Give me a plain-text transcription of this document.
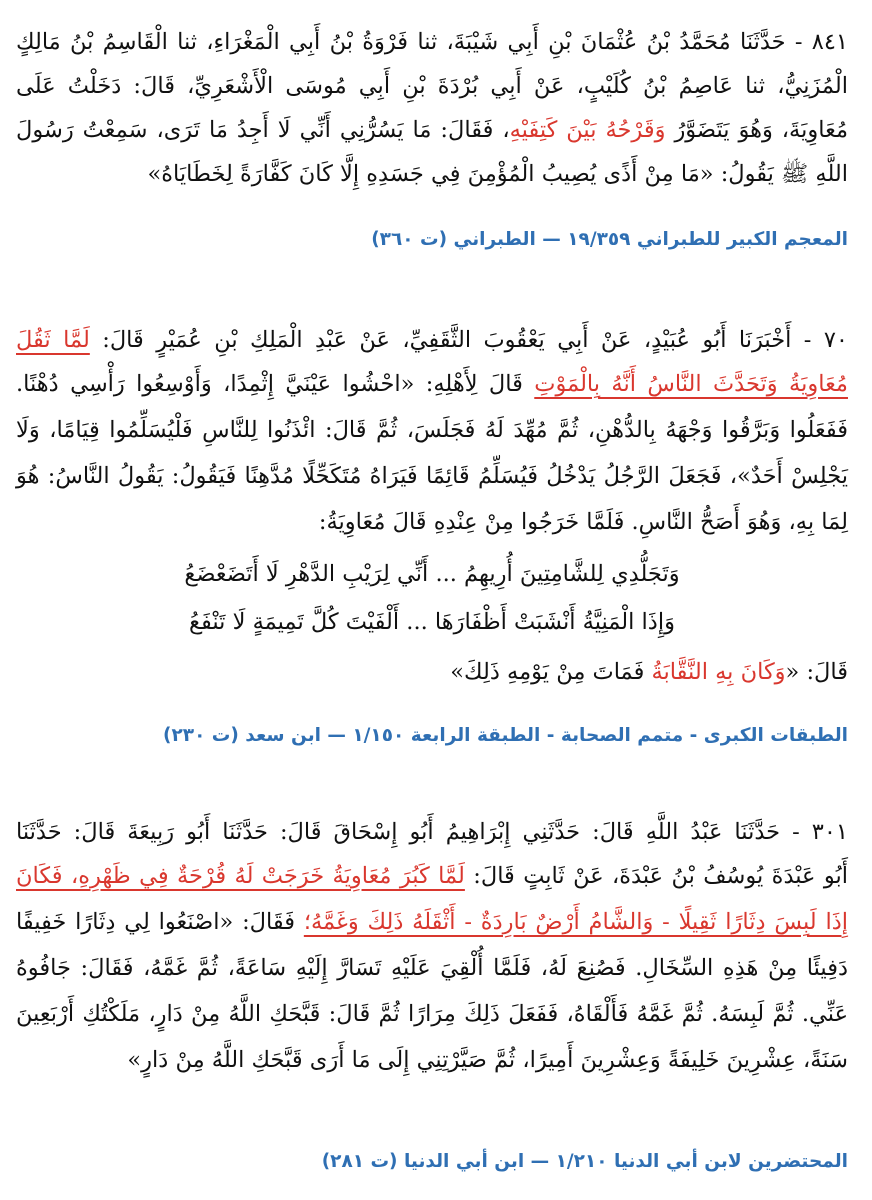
٨٤١ - حَدَّثَنَا مُحَمَّدُ بْنُ عُثْمَانَ بْنِ أَبِي شَيْبَةَ، ثنا فَرْوَةُ بْنُ أَبِي الْمَغْرَاءِ، ثنا الْقَاسِمُ بْنُ مَالِكٍ
الْمُزَنِيُّ، ثنا عَاصِمُ بْنُ كُلَيْبٍ، عَنْ أَبِي بُرْدَةَ بْنِ أَبِي مُوسَى الْأَشْعَرِيِّ، قَالَ: دَخَلْتُ عَلَى
مُعَاوِيَةَ، وَهُوَ يَتَضَوَّرُ وَقَرْحُهُ بَيْنَ كَتِفَيْهِ، فَقَالَ: مَا يَسُرُّنِي أَنِّي لَا أَجِدُ مَا تَرَى، سَمِعْتُ رَسُولَ
اللَّهِ ﷺ يَقُولُ: «مَا مِنْ أَذًى يُصِيبُ الْمُؤْمِنَ فِي جَسَدِهِ إِلَّا كَانَ كَفَّارَةً لِخَطَايَاهُ»
المعجم الكبير للطبراني ١٩/٣٥٩ — الطبراني (ت ٣٦٠)
٧٠ - أَخْبَرَنَا أَبُو عُبَيْدٍ، عَنْ أَبِي يَعْقُوبَ الثَّقَفِيِّ، عَنْ عَبْدِ الْمَلِكِ بْنِ عُمَيْرٍ قَالَ: لَمَّا ثَقُلَ
مُعَاوِيَةُ وَتَحَدَّثَ النَّاسُ أَنَّهُ بِالْمَوْتِ قَالَ لِأَهْلِهِ: «احْشُوا عَيْنَيَّ إِثْمِدًا، وَأَوْسِعُوا رَأْسِي دُهْنًا.
فَفَعَلُوا وَبَرَّقُوا وَجْهَهُ بِالدُّهْنِ، ثُمَّ مُهِّدَ لَهُ فَجَلَسَ، ثُمَّ قَالَ: ائْذَنُوا لِلنَّاسِ فَلْيُسَلِّمُوا قِيَامًا، وَلَا
يَجْلِسْ أَحَدٌ»، فَجَعَلَ الرَّجُلُ يَدْخُلُ فَيُسَلِّمُ قَائِمًا فَيَرَاهُ مُتَكَحِّلًا مُدَّهِنًا فَيَقُولُ: يَقُولُ النَّاسُ: هُوَ
لِمَا بِهِ، وَهُوَ أَصَحُّ النَّاسِ. فَلَمَّا خَرَجُوا مِنْ عِنْدِهِ قَالَ مُعَاوِيَةُ:
وَتَجَلُّدِي لِلشَّامِتِينَ أُرِيهِمُ ... أَنِّي لِرَيْبِ الدَّهْرِ لَا أَتَضَعْضَعُ
وَإِذَا الْمَنِيَّةُ أَنْشَبَتْ أَظْفَارَهَا ... أَلْفَيْتَ كُلَّ تَمِيمَةٍ لَا تَنْفَعُ
قَالَ: «وَكَانَ بِهِ النَّقَّابَةُ فَمَاتَ مِنْ يَوْمِهِ ذَلِكَ»
الطبقات الكبرى - متمم الصحابة - الطبقة الرابعة ١/١٥٠ — ابن سعد (ت ٢٣٠)
٣٠١ - حَدَّثَنَا عَبْدُ اللَّهِ قَالَ: حَدَّثَنِي إِبْرَاهِيمُ أَبُو إِسْحَاقَ قَالَ: حَدَّثَنَا أَبُو رَبِيعَةَ قَالَ: حَدَّثَنَا
أَبُو عَبْدَةَ يُوسُفُ بْنُ عَبْدَةَ، عَنْ ثَابِتٍ قَالَ: لَمَّا كَبُرَ مُعَاوِيَةُ خَرَجَتْ لَهُ قُرْحَةٌ فِي ظَهْرِهِ، فَكَانَ
إِذَا لَبِسَ دِثَارًا ثَقِيلًا - وَالشَّامُ أَرْضٌ بَارِدَةٌ - أَثْقَلَهُ ذَلِكَ وَغَمَّهُ؛ فَقَالَ: «اصْنَعُوا لِي دِثَارًا خَفِيفًا
دَفِيئًا مِنْ هَذِهِ السِّخَالِ. فَصُنِعَ لَهُ، فَلَمَّا أُلْقِيَ عَلَيْهِ تَسَارَّ إِلَيْهِ سَاعَةً، ثُمَّ غَمَّهُ، فَقَالَ: جَافُوهُ
عَنِّي. ثُمَّ لَبِسَهُ. ثُمَّ غَمَّهُ فَأَلْقَاهُ، فَفَعَلَ ذَلِكَ مِرَارًا ثُمَّ قَالَ: قَبَّحَكِ اللَّهُ مِنْ دَارٍ، مَلَكْتُكِ أَرْبَعِينَ
سَنَةً، عِشْرِينَ خَلِيفَةً وَعِشْرِينَ أَمِيرًا، ثُمَّ صَيَّرْتِنِي إِلَى مَا أَرَى قَبَّحَكِ اللَّهُ مِنْ دَارٍ»
المحتضرين لابن أبي الدنيا ١/٢١٠ — ابن أبي الدنيا (ت ٢٨١)
